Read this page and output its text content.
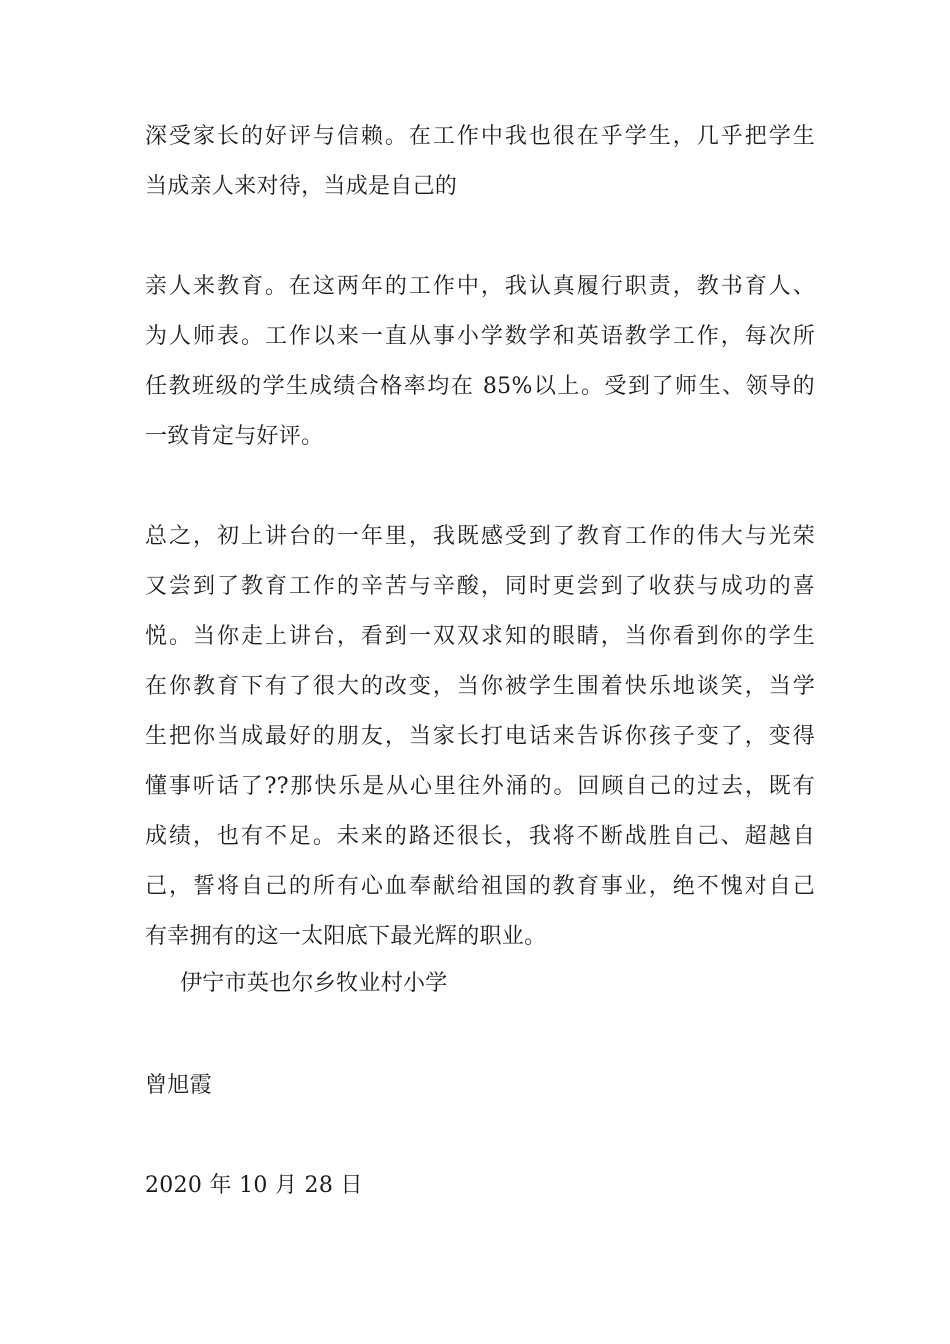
深受家长的好评与信赖。在工作中我也很在乎学生，几乎把学生
当成亲人来对待，当成是自己的
亲人来教育。在这两年的工作中，我认真履行职责，教书育人、
为人师表。工作以来一直从事小学数学和英语教学工作，每次所
任教班级的学生成绩合格率均在 85%以上。受到了师生、领导的
一致肯定与好评。
总之，初上讲台的一年里，我既感受到了教育工作的伟大与光荣
又尝到了教育工作的辛苦与辛酸，同时更尝到了收获与成功的喜
悦。当你走上讲台，看到一双双求知的眼睛，当你看到你的学生
在你教育下有了很大的改变，当你被学生围着快乐地谈笑，当学
生把你当成最好的朋友，当家长打电话来告诉你孩子变了，变得
懂事听话了??那快乐是从心里往外涌的。回顾自己的过去，既有
成绩，也有不足。未来的路还很长，我将不断战胜自己、超越自
己，誓将自己的所有心血奉献给祖国的教育事业，绝不愧对自己
有幸拥有的这一太阳底下最光辉的职业。
伊宁市英也尔乡牧业村小学
曾旭霞
2020 年 10 月 28 日
